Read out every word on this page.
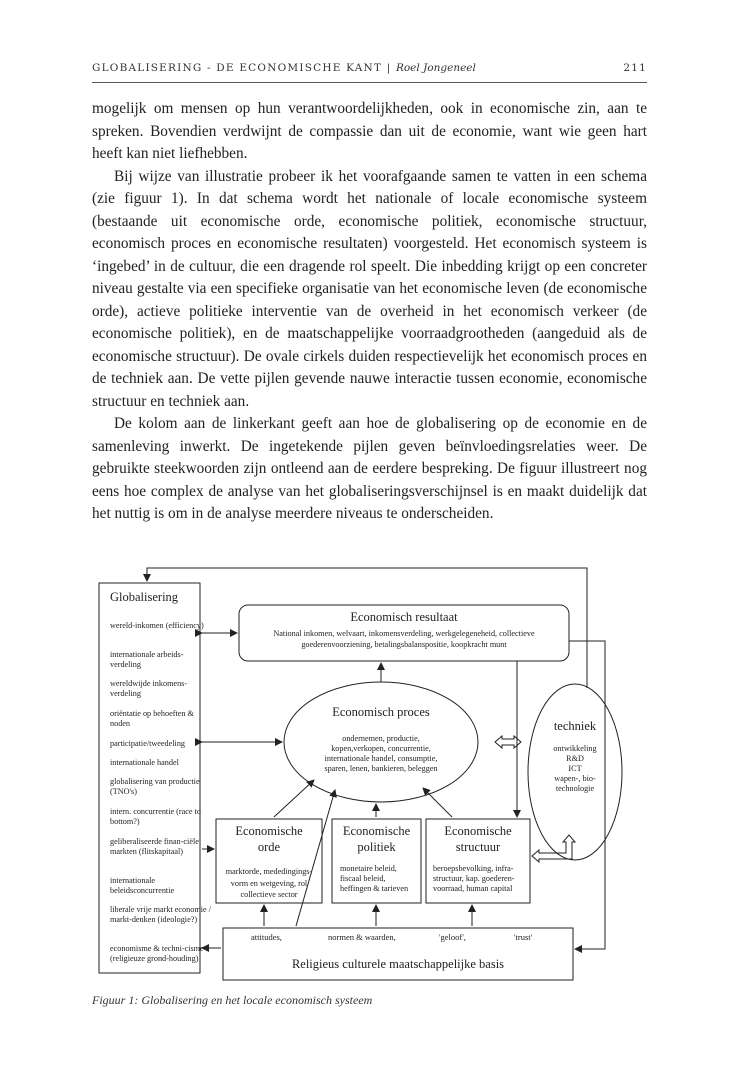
GLOBALISERING - DE ECONOMISCHE KANT | Roel Jongeneel	211

mogelijk om mensen op hun verantwoordelijkheden, ook in economische zin, aan te spreken. Bovendien verdwijnt de compassie dan uit de economie, want wie geen hart heeft kan niet liefhebben.

Bij wijze van illustratie probeer ik het voorafgaande samen te vatten in een schema (zie figuur 1). In dat schema wordt het nationale of locale economische systeem (bestaande uit economische orde, economische politiek, economische structuur, economisch proces en economische resultaten) voorgesteld. Het economisch systeem is ‘ingebed’ in de cultuur, die een dragende rol speelt. Die inbedding krijgt op een concreter niveau gestalte via een specifieke organisatie van het economische leven (de economische orde), actieve politieke interventie van de overheid in het economisch verkeer (de economische politiek), en de maatschappelijke voorraadgrootheden (aangeduid als de economische structuur). De ovale cirkels duiden respectievelijk het economisch proces en de techniek aan. De vette pijlen gevende nauwe interactie tussen economie, economische structuur en techniek aan.

De kolom aan de linkerkant geeft aan hoe de globalisering op de economie en de samenleving inwerkt. De ingetekende pijlen geven beïnvloedingsrelaties weer. De gebruikte steekwoorden zijn ontleend aan de eerdere bespreking. De figuur illustreert nog eens hoe complex de analyse van het globaliseringsverschijnsel is en maakt duidelijk dat het nuttig is om in de analyse meerdere niveaus te onderscheiden.

Globalisering
wereld-inkomen (efficiency)
internationale arbeids-verdeling
wereldwijde inkomens-verdeling
oriëntatie op behoeften & noden
participatie/tweedeling
internationale handel
globalisering van productie (TNO's)
intern. concurrentie (race to bottom?)
geliberaliseerde finan-ciële markten (flitskapitaal)
internationale beleidsconcurrentie
liberale vrije markt economie / markt-denken (ideologie?)
economisme & techni-cisme (religieuze grond-houding)
Economisch resultaat
National inkomen, welvaart, inkomensverdeling, werkgelegeneheid, collectieve
goederenvoorziening, betalingsbalanspositie, koopkracht munt
Economisch proces
ondernemen, productie,
kopen,verkopen, concurrentie,
internationale handel, consumptie,
sparen, lenen, bankieren, beleggen
techniek
ontwikkeling
R&D
ICT
wapen-, bio-
technologie
Economische
orde
marktorde, mededingings-
vorm en wetgeving, rol
collectieve sector
Economische
politiek
monetaire beleid,
fiscaal beleid,
heffingen & tarieven
Economische
structuur
beroepsbevolking, infra-
structuur, kap. goederen-
voorraad, human capital
attitudes,	normen & waarden,	'geloof',	'trust'
Religieus culturele maatschappelijke basis
Figuur 1: Globalisering en het locale economisch systeem
